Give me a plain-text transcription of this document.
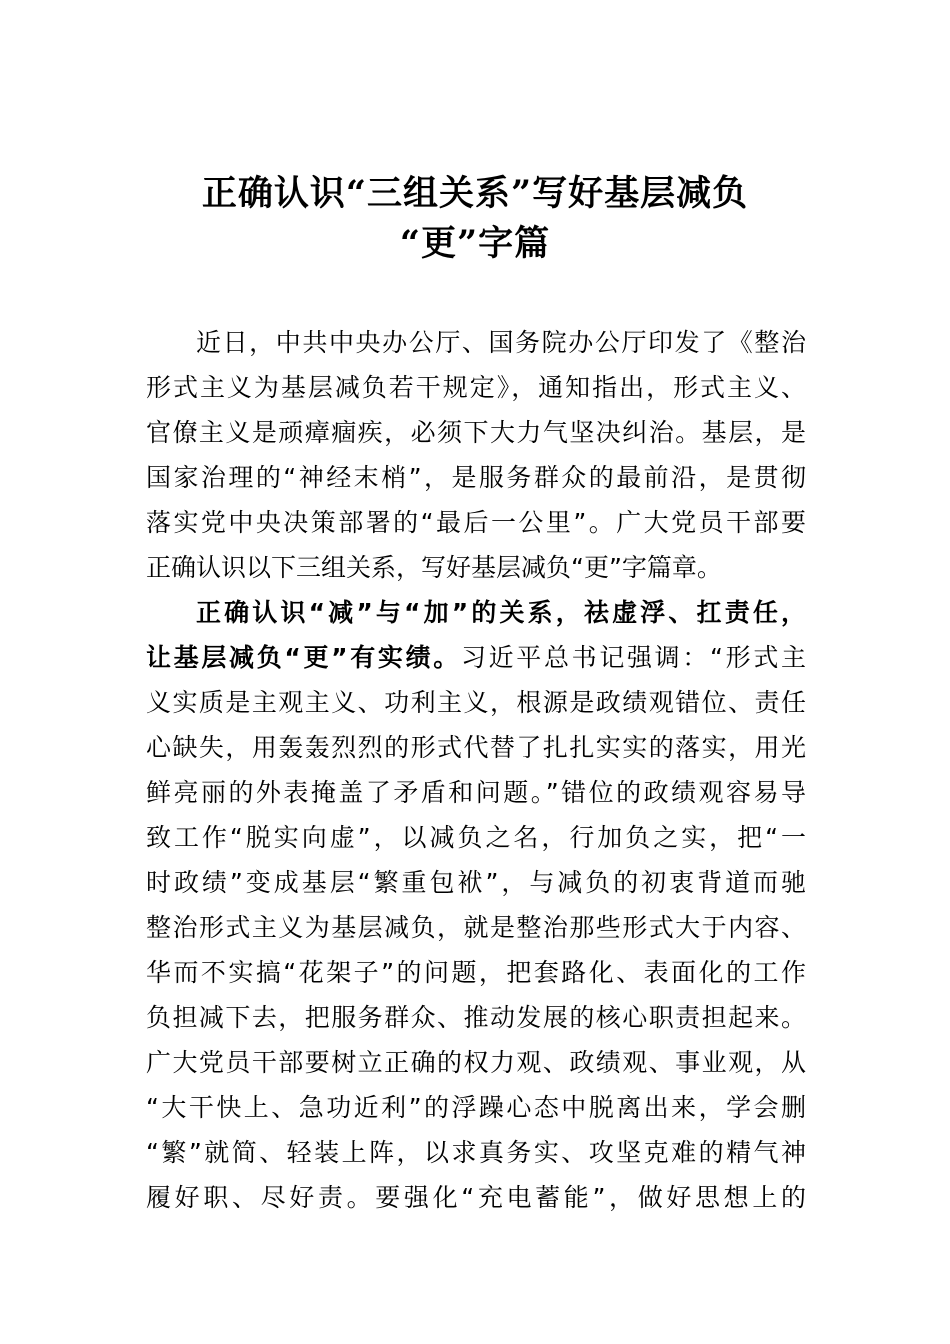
正确认识“三组关系”写好基层减负
“更”字篇
近日，中共中央办公厅、国务院办公厅印发了《整治
形式主义为基层减负若干规定》，通知指出，形式主义、
官僚主义是顽瘴痼疾，必须下大力气坚决纠治。基层，是
国家治理的“神经末梢”，是服务群众的最前沿，是贯彻
落实党中央决策部署的“最后一公里”。广大党员干部要
正确认识以下三组关系，写好基层减负“更”字篇章。
正确认识“减”与“加”的关系，祛虚浮、扛责任，
让基层减负“更”有实绩。习近平总书记强调：“形式主
义实质是主观主义、功利主义，根源是政绩观错位、责任
心缺失，用轰轰烈烈的形式代替了扎扎实实的落实，用光
鲜亮丽的外表掩盖了矛盾和问题。”错位的政绩观容易导
致工作“脱实向虚”，以减负之名，行加负之实，把“一
时政绩”变成基层“繁重包袱”，与减负的初衷背道而驰
整治形式主义为基层减负，就是整治那些形式大于内容、
华而不实搞“花架子”的问题，把套路化、表面化的工作
负担减下去，把服务群众、推动发展的核心职责担起来。
广大党员干部要树立正确的权力观、政绩观、事业观，从
“大干快上、急功近利”的浮躁心态中脱离出来，学会删
“繁”就简、轻装上阵，以求真务实、攻坚克难的精气神
履好职、尽好责。要强化“充电蓄能”，做好思想上的
